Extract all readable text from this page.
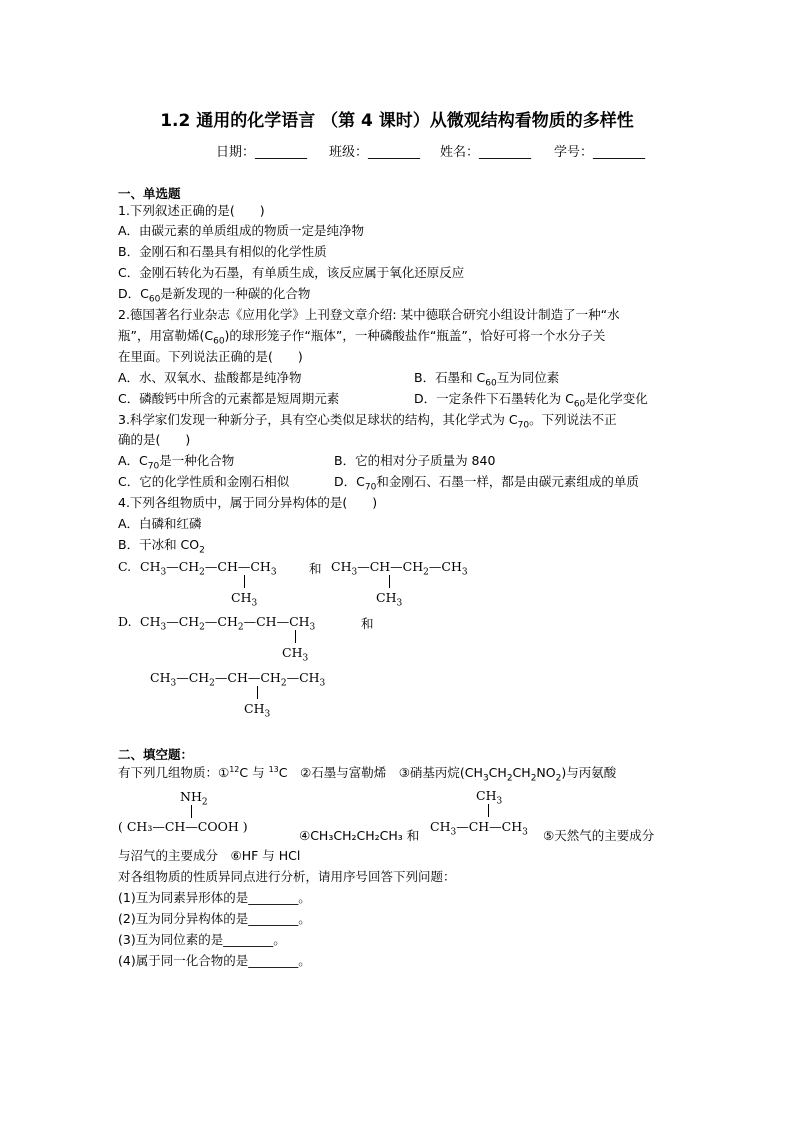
1.2 通用的化学语言 （第 4 课时）从微观结构看物质的多样性
日期：________ 班级：________ 姓名：________ 学号：________
一、单选题
1.下列叙述正确的是(　　)
A．由碳元素的单质组成的物质一定是纯净物
B．金刚石和石墨具有相似的化学性质
C．金刚石转化为石墨，有单质生成，该反应属于氧化还原反应
D．$C_{60}$是新发现的一种碳的化合物
2.德国著名行业杂志《应用化学》上刊登文章介绍: 某中德联合研究小组设计制造了一种“水
瓶”，用富勒烯$(C_{60})$的球形笼子作“瓶体”，一种磷酸盐作“瓶盖”，恰好可将一个水分子关
在里面。下列说法正确的是(　　)
A．水、双氧水、盐酸都是纯净物	B．石墨和 $C_{60}$互为同位素
C．磷酸钙中所含的元素都是短周期元素	D．一定条件下石墨转化为 $C_{60}$是化学变化
3.科学家们发现一种新分子，具有空心类似足球状的结构，其化学式为 $C_{70}$。下列说法不正
确的是(　　)
A．$C_{70}$是一种化合物	B．它的相对分子质量为 840
C．它的化学性质和金刚石相似	D．$C_{70}$和金刚石、石墨一样，都是由碳元素组成的单质
4.下列各组物质中，属于同分异构体的是(　　)
A．白磷和红磷
B．干冰和 $CO_2$
C. $CH_3—CH_2—CH—CH_3$
$CH_3$
和 $CH_3—CH—CH_2—CH_3$
$CH_3$
D. $CH_3—CH_2—CH_2—CH—CH_3$
$CH_3$
和
$CH_3—CH_2—CH—CH_2—CH_3$
$CH_3$
二、填空题：
有下列几组物质：①$^{12}$C 与 $^{13}$C　②石墨与富勒烯　③硝基丙烷$(CH_3CH_2CH_2NO_2)$与丙氨酸
$NH_2$
( CH₃—CH—COOH )
④CH₃CH₂CH₂CH₃ 和
$CH_3$
$CH_3—CH—CH_3$ ⑤天然气的主要成分
与沼气的主要成分　⑥HF 与 HCl
对各组物质的性质异同点进行分析，请用序号回答下列问题：
(1)互为同素异形体的是________。
(2)互为同分异构体的是________。
(3)互为同位素的是________。
(4)属于同一化合物的是________。
